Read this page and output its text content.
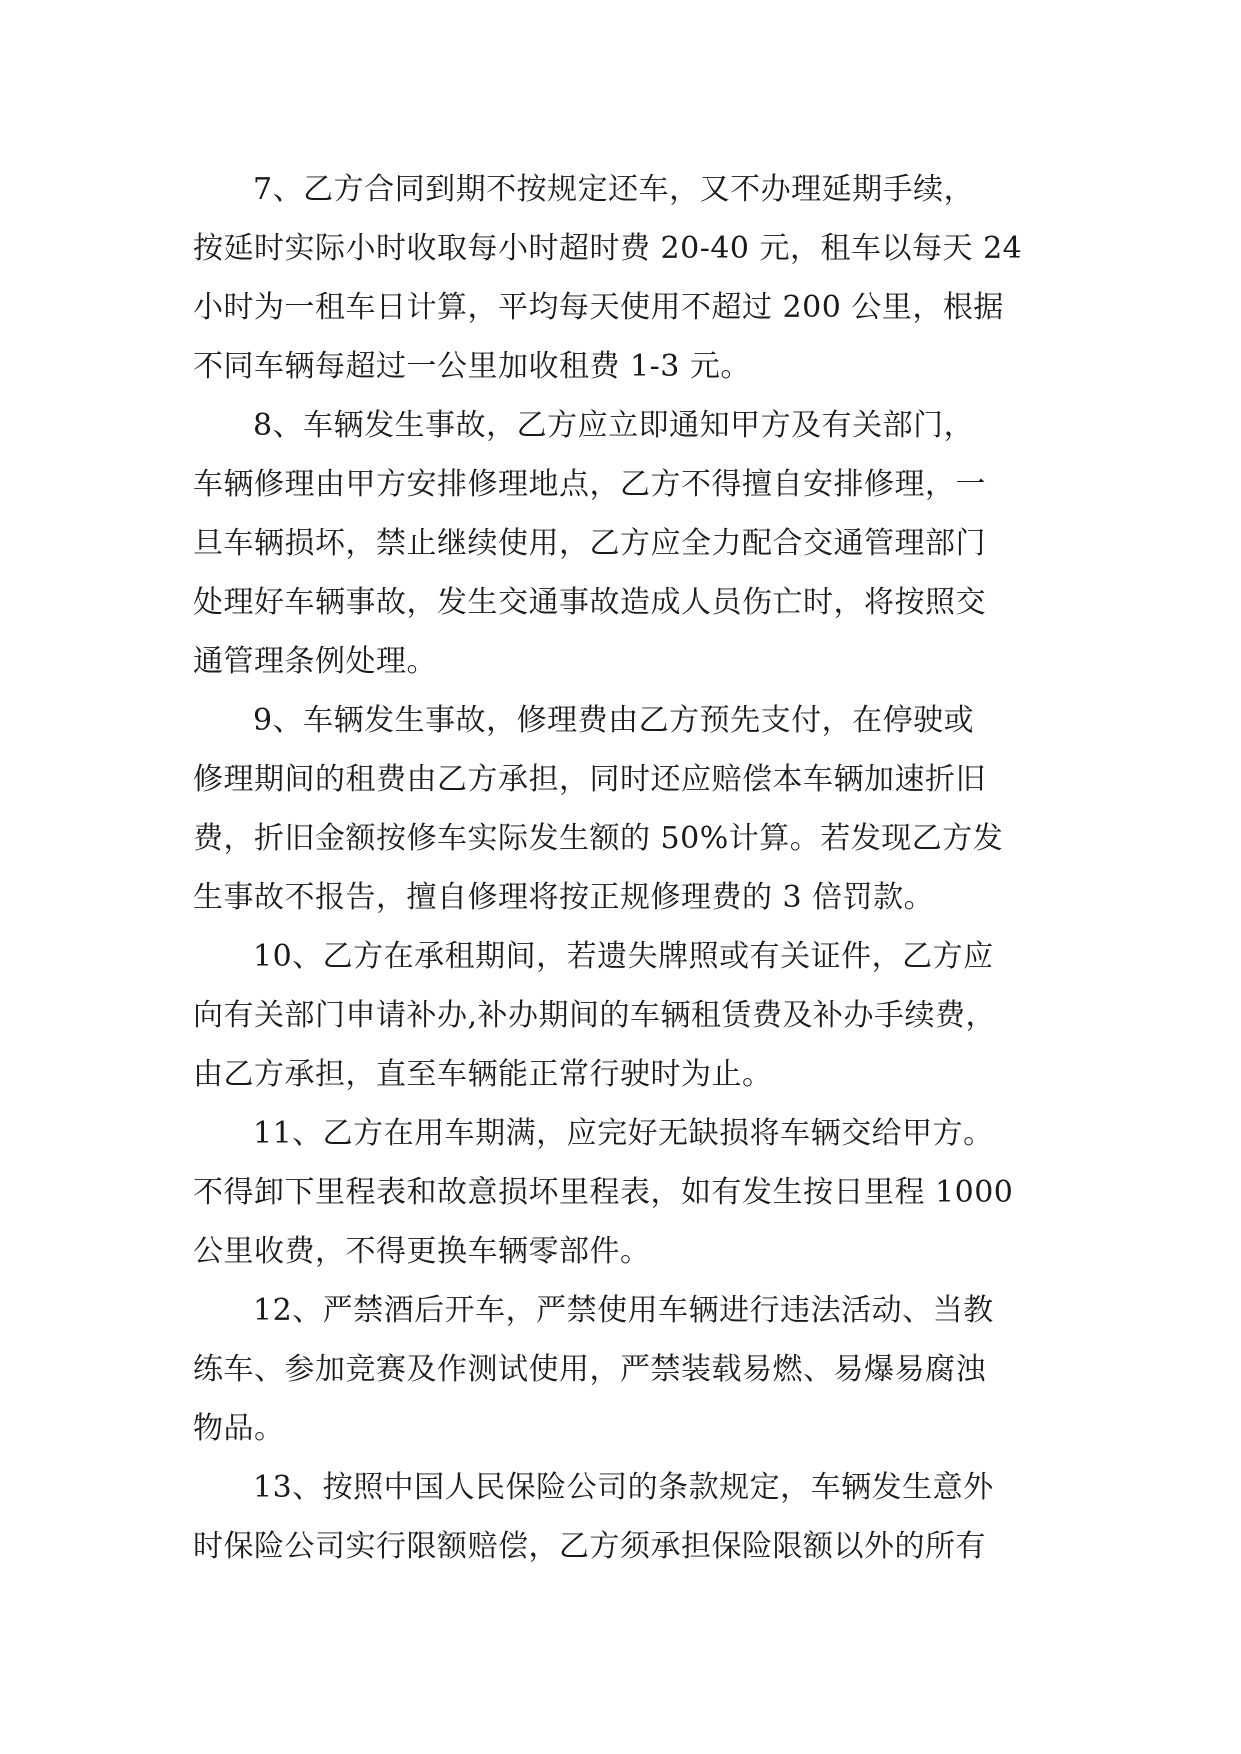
7、乙方合同到期不按规定还车，又不办理延期手续，
按延时实际小时收取每小时超时费 20-40 元，租车以每天 24
小时为一租车日计算，平均每天使用不超过 200 公里，根据
不同车辆每超过一公里加收租费 1-3 元。

8、车辆发生事故，乙方应立即通知甲方及有关部门，
车辆修理由甲方安排修理地点，乙方不得擅自安排修理，一
旦车辆损坏，禁止继续使用，乙方应全力配合交通管理部门
处理好车辆事故，发生交通事故造成人员伤亡时，将按照交
通管理条例处理。

9、车辆发生事故，修理费由乙方预先支付，在停驶或
修理期间的租费由乙方承担，同时还应赔偿本车辆加速折旧
费，折旧金额按修车实际发生额的 50%计算。若发现乙方发
生事故不报告，擅自修理将按正规修理费的 3 倍罚款。

10、乙方在承租期间，若遗失牌照或有关证件，乙方应
向有关部门申请补办,补办期间的车辆租赁费及补办手续费，
由乙方承担，直至车辆能正常行驶时为止。

11、乙方在用车期满，应完好无缺损将车辆交给甲方。
不得卸下里程表和故意损坏里程表，如有发生按日里程 1000
公里收费，不得更换车辆零部件。

12、严禁酒后开车，严禁使用车辆进行违法活动、当教
练车、参加竞赛及作测试使用，严禁装载易燃、易爆易腐浊
物品。

13、按照中国人民保险公司的条款规定，车辆发生意外
时保险公司实行限额赔偿，乙方须承担保险限额以外的所有
